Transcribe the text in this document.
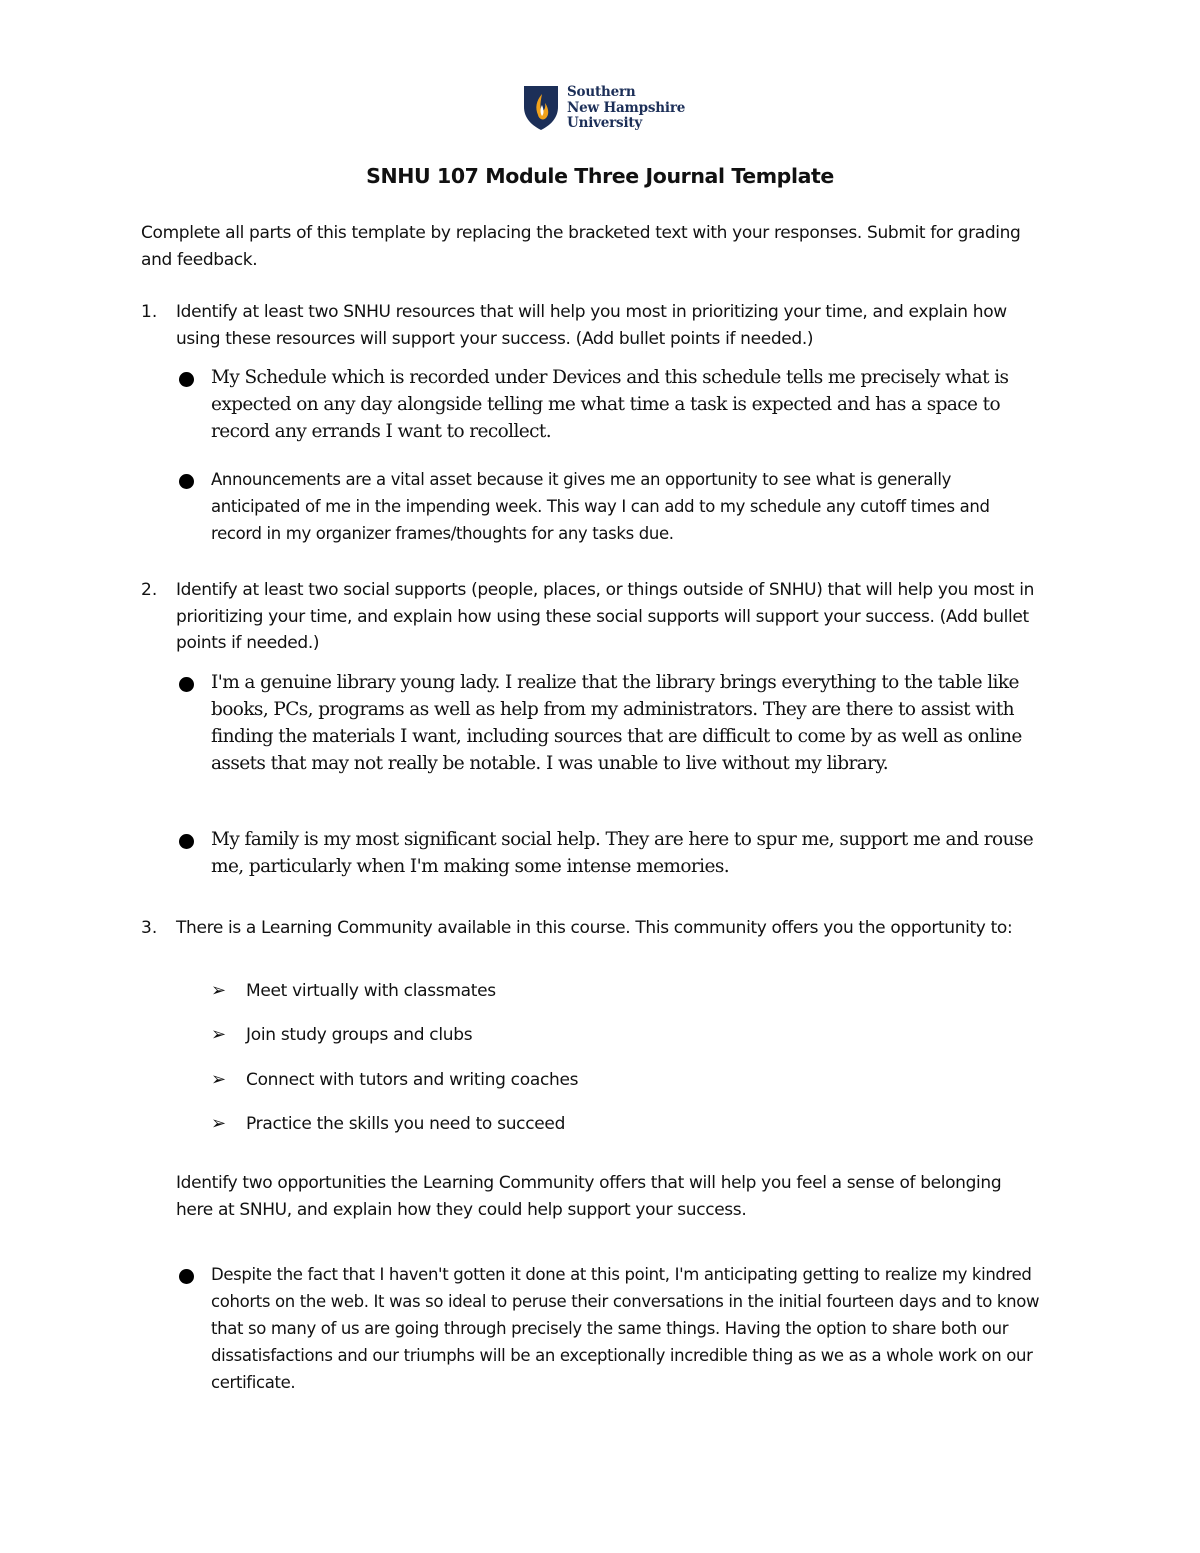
Southern
New Hampshire
University
SNHU 107 Module Three Journal Template
Complete all parts of this template by replacing the bracketed text with your responses. Submit for grading and feedback.
1. Identify at least two SNHU resources that will help you most in prioritizing your time, and explain how using these resources will support your success. (Add bullet points if needed.)
My Schedule which is recorded under Devices and this schedule tells me precisely what is expected on any day alongside telling me what time a task is expected and has a space to record any errands I want to recollect.
Announcements are a vital asset because it gives me an opportunity to see what is generally anticipated of me in the impending week. This way I can add to my schedule any cutoff times and record in my organizer frames/thoughts for any tasks due.
2. Identify at least two social supports (people, places, or things outside of SNHU) that will help you most in prioritizing your time, and explain how using these social supports will support your success. (Add bullet points if needed.)
I'm a genuine library young lady. I realize that the library brings everything to the table like books, PCs, programs as well as help from my administrators. They are there to assist with finding the materials I want, including sources that are difficult to come by as well as online assets that may not really be notable. I was unable to live without my library.
My family is my most significant social help. They are here to spur me, support me and rouse me, particularly when I'm making some intense memories.
3. There is a Learning Community available in this course. This community offers you the opportunity to:
➢ Meet virtually with classmates
➢ Join study groups and clubs
➢ Connect with tutors and writing coaches
➢ Practice the skills you need to succeed
Identify two opportunities the Learning Community offers that will help you feel a sense of belonging here at SNHU, and explain how they could help support your success.
Despite the fact that I haven't gotten it done at this point, I'm anticipating getting to realize my kindred cohorts on the web. It was so ideal to peruse their conversations in the initial fourteen days and to know that so many of us are going through precisely the same things. Having the option to share both our dissatisfactions and our triumphs will be an exceptionally incredible thing as we as a whole work on our certificate.
